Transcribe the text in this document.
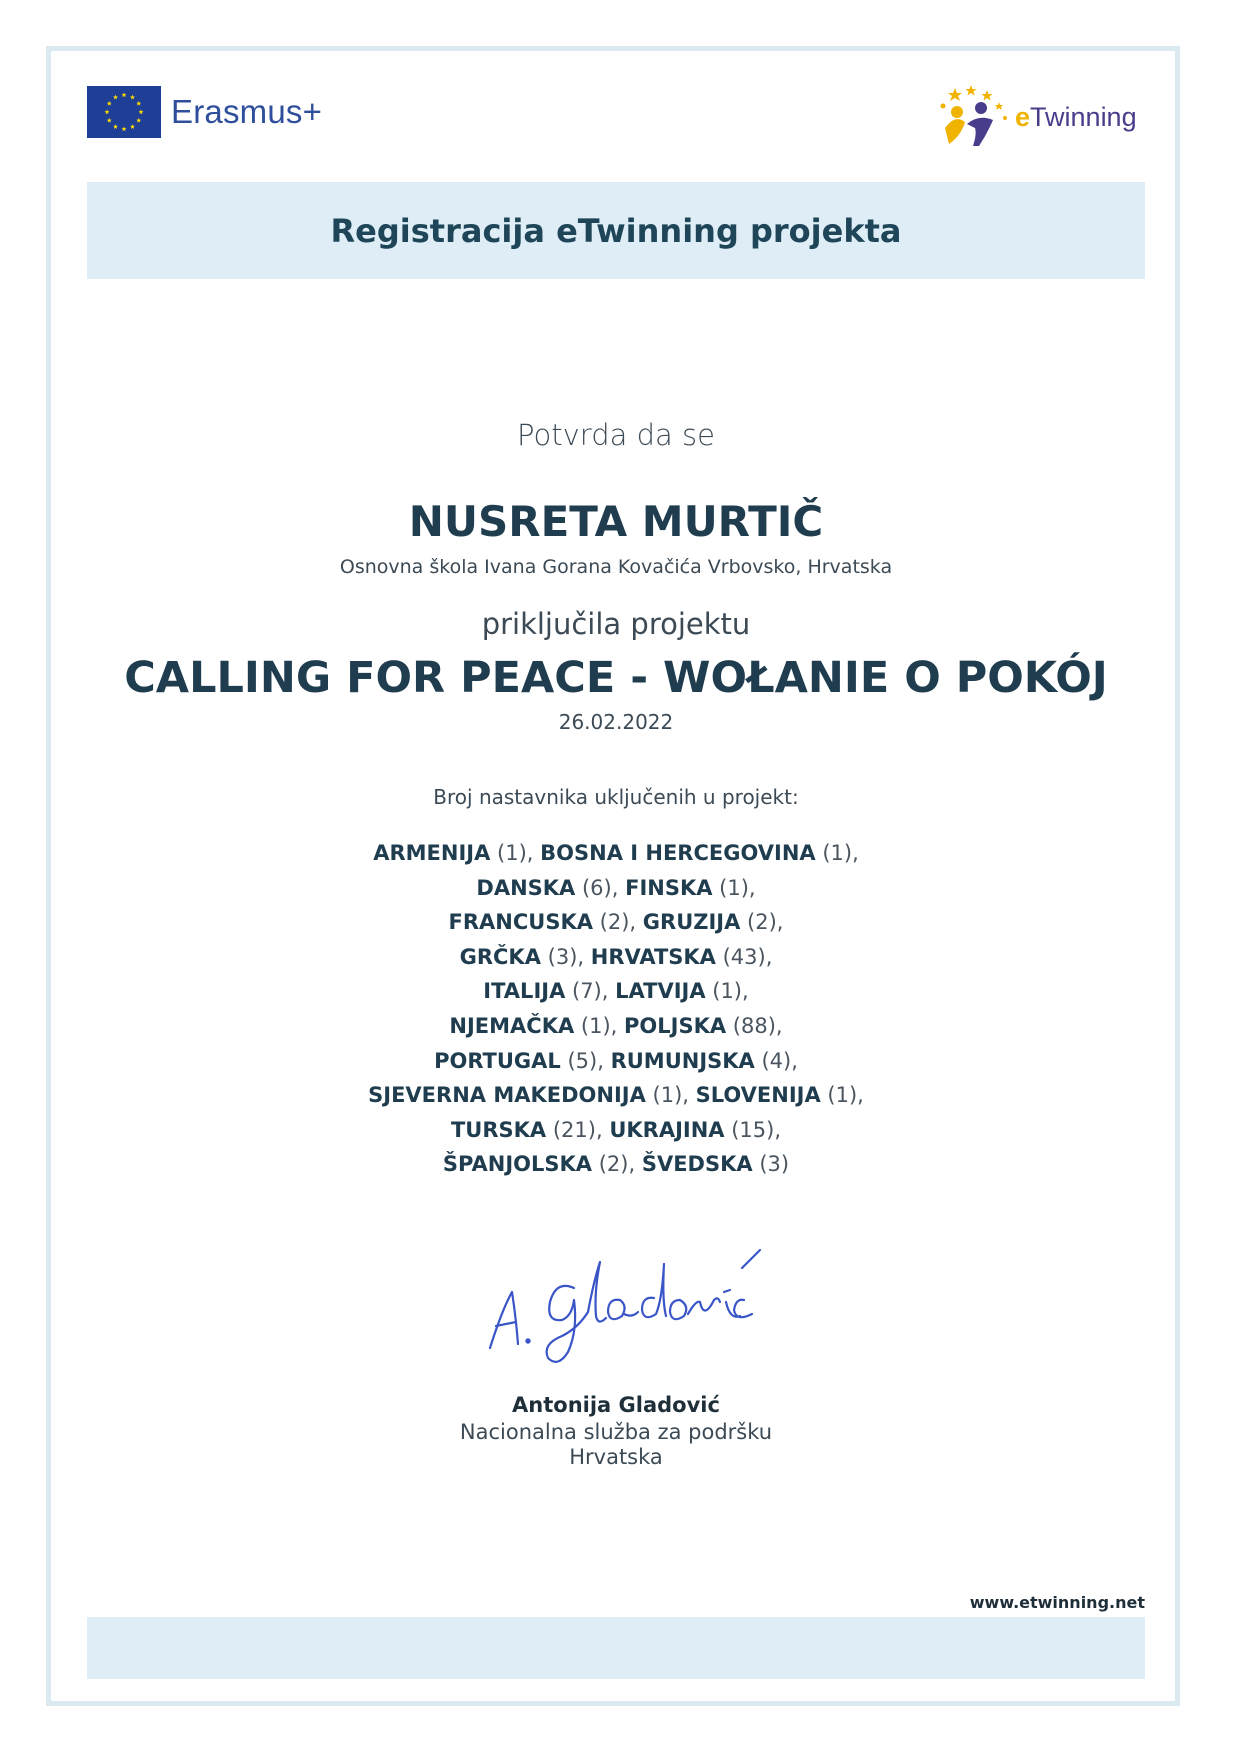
Erasmus+	eTwinning
Registracija eTwinning projekta
Potvrda da se
NUSRETA MURTIČ
Osnovna škola Ivana Gorana Kovačića Vrbovsko, Hrvatska
priključila projektu
CALLING FOR PEACE - WOŁANIE O POKÓJ
26.02.2022
Broj nastavnika uključenih u projekt:
ARMENIJA (1), BOSNA I HERCEGOVINA (1),
DANSKA (6), FINSKA (1),
FRANCUSKA (2), GRUZIJA (2),
GRČKA (3), HRVATSKA (43),
ITALIJA (7), LATVIJA (1),
NJEMAČKA (1), POLJSKA (88),
PORTUGAL (5), RUMUNJSKA (4),
SJEVERNA MAKEDONIJA (1), SLOVENIJA (1),
TURSKA (21), UKRAJINA (15),
ŠPANJOLSKA (2), ŠVEDSKA (3)
Antonija Gladović
Nacionalna služba za podršku
Hrvatska
www.etwinning.net
